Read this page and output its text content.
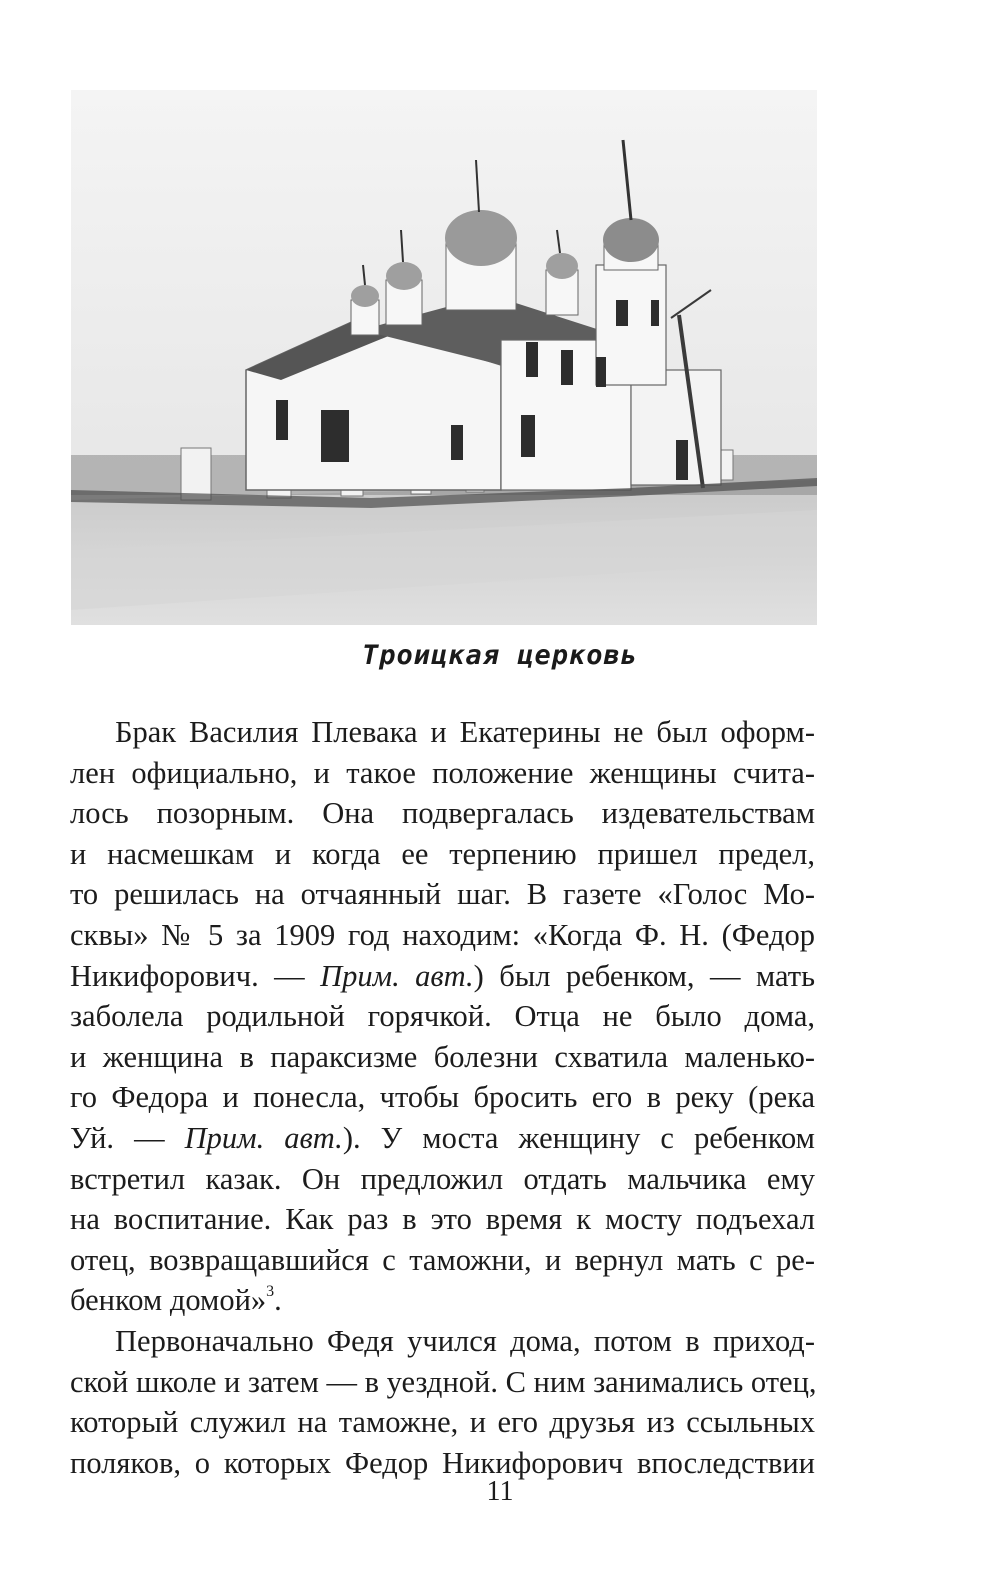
Троицкая церковь
Брак Василия Плевака и Екатерины не был оформ-
лен официально, и такое положение женщины счита-
лось позорным. Она подвергалась издевательствам
и насмешкам и когда ее терпению пришел предел,
то решилась на отчаянный шаг. В газете «Голос Мо-
сквы» № 5 за 1909 год находим: «Когда Ф. Н. (Федор
Никифорович. — Прим. авт.) был ребенком, — мать
заболела родильной горячкой. Отца не было дома,
и женщина в параксизме болезни схватила маленько-
го Федора и понесла, чтобы бросить его в реку (река
Уй. — Прим. авт.). У моста женщину с ребенком
встретил казак. Он предложил отдать мальчика ему
на воспитание. Как раз в это время к мосту подъехал
отец, возвращавшийся с таможни, и вернул мать с ре-
бенком домой»$^3$.
Первоначально Федя учился дома, потом в приход-
ской школе и затем — в уездной. С ним занимались отец,
который служил на таможне, и его друзья из ссыльных
поляков, о которых Федор Никифорович впоследствии
11
